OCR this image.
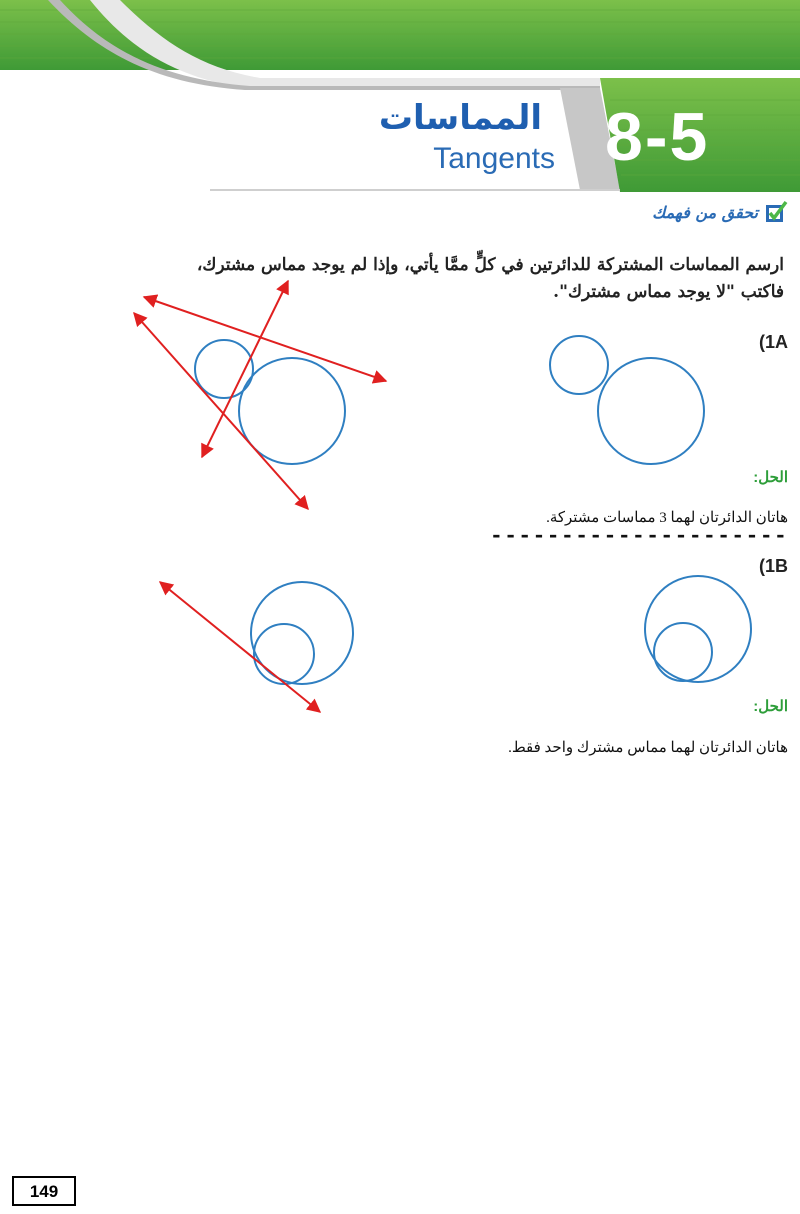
8-5
المماسات
Tangents
تحقق من فهمك
ارسم المماسات المشتركة للدائرتين في كلٍّ ممَّا يأتي، وإذا لم يوجد مماس مشترك،
فاكتب "لا يوجد مماس مشترك".
(1A
الحل:
هاتان الدائرتان لهما 3 مماسات مشتركة.
---------------------
(1B
الحل:
هاتان الدائرتان لهما مماس مشترك واحد فقط.
149
